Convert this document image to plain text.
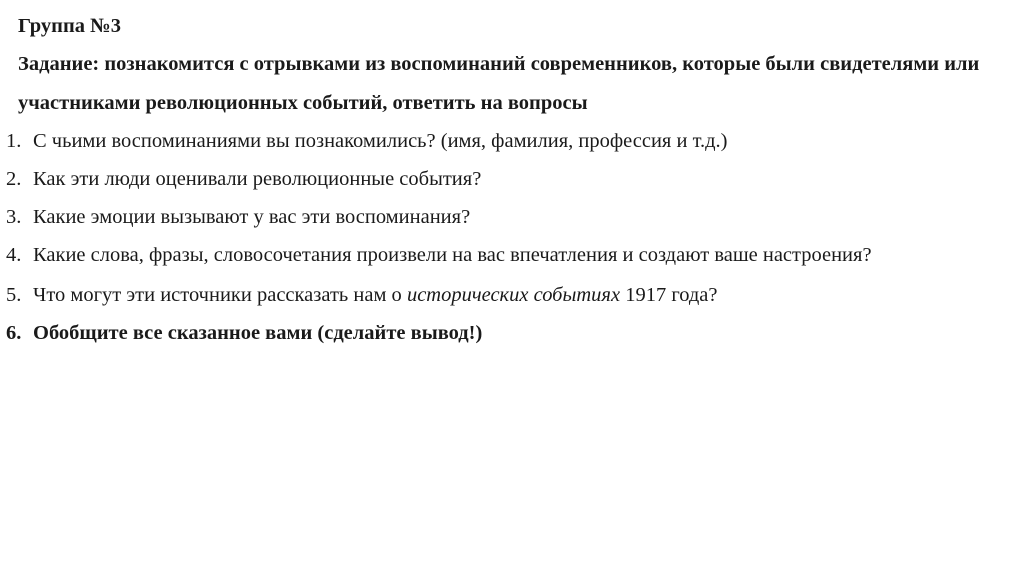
Группа №3
Задание: познакомится с отрывками из воспоминаний современников, которые были свидетелями или
участниками революционных событий, ответить на вопросы
1. С чьими воспоминаниями вы познакомились? (имя, фамилия, профессия и т.д.)
2. Как эти люди оценивали революционные события?
3. Какие эмоции вызывают у вас эти воспоминания?
4. Какие слова, фразы, словосочетания произвели на вас впечатления и создают ваше настроения?
5. Что могут эти источники рассказать нам о исторических событиях 1917 года?
6. Обобщите все сказанное вами (сделайте вывод!)
